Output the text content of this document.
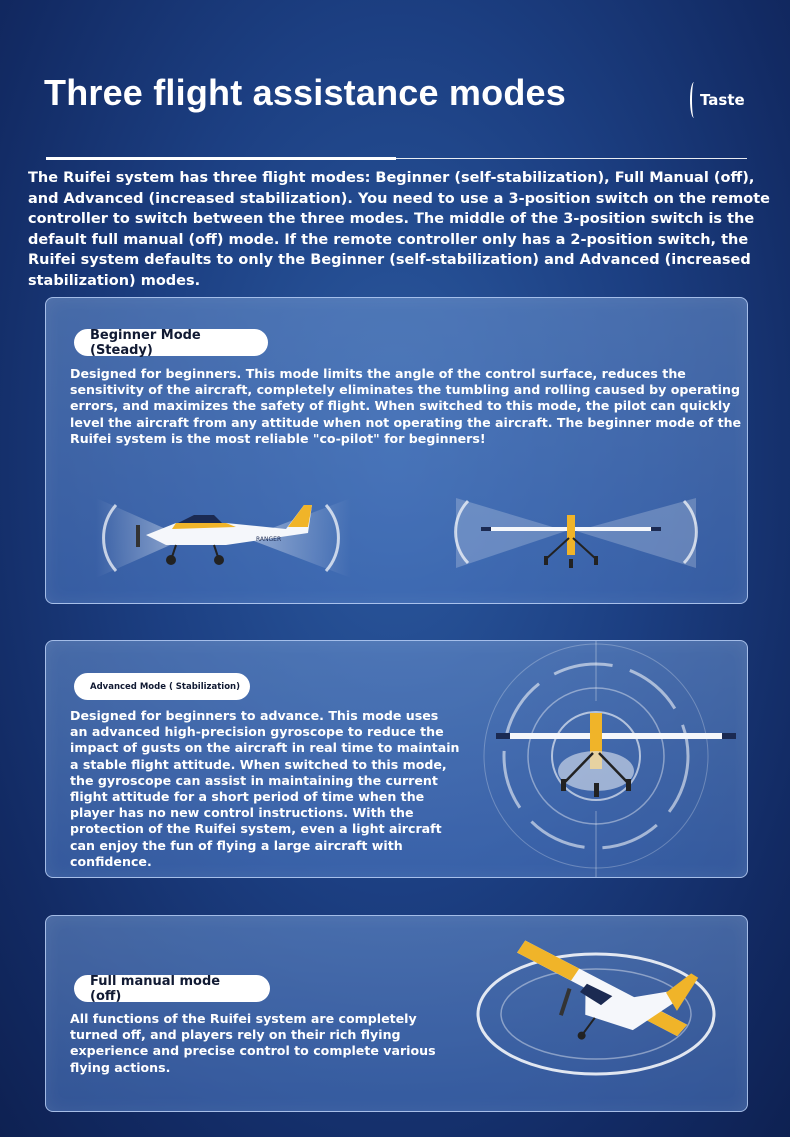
Three flight assistance modes	Taste
The Ruifei system has three flight modes: Beginner (self-stabilization), Full Manual (off), and Advanced (increased stabilization). You need to use a 3-position switch on the remote controller to switch between the three modes. The middle of the 3-position switch is the default full manual (off) mode. If the remote controller only has a 2-position switch, the Ruifei system defaults to only the Beginner (self-stabilization) and Advanced (increased stabilization) modes.
Beginner Mode (Steady)
Designed for beginners. This mode limits the angle of the control surface, reduces the sensitivity of the aircraft, completely eliminates the tumbling and rolling caused by operating errors, and maximizes the safety of flight. When switched to this mode, the pilot can quickly level the aircraft from any attitude when not operating the aircraft. The beginner mode of the Ruifei system is the most reliable "co-pilot" for beginners!
RANGER
Advanced Mode ( Stabilization)
Designed for beginners to advance. This mode uses an advanced high-precision gyroscope to reduce the impact of gusts on the aircraft in real time to maintain a stable flight attitude. When switched to this mode, the gyroscope can assist in maintaining the current flight attitude for a short period of time when the player has no new control instructions. With the protection of the Ruifei system, even a light aircraft can enjoy the fun of flying a large aircraft with confidence.
Full manual mode (off)
All functions of the Ruifei system are completely turned off, and players rely on their rich flying experience and precise control to complete various flying actions.
